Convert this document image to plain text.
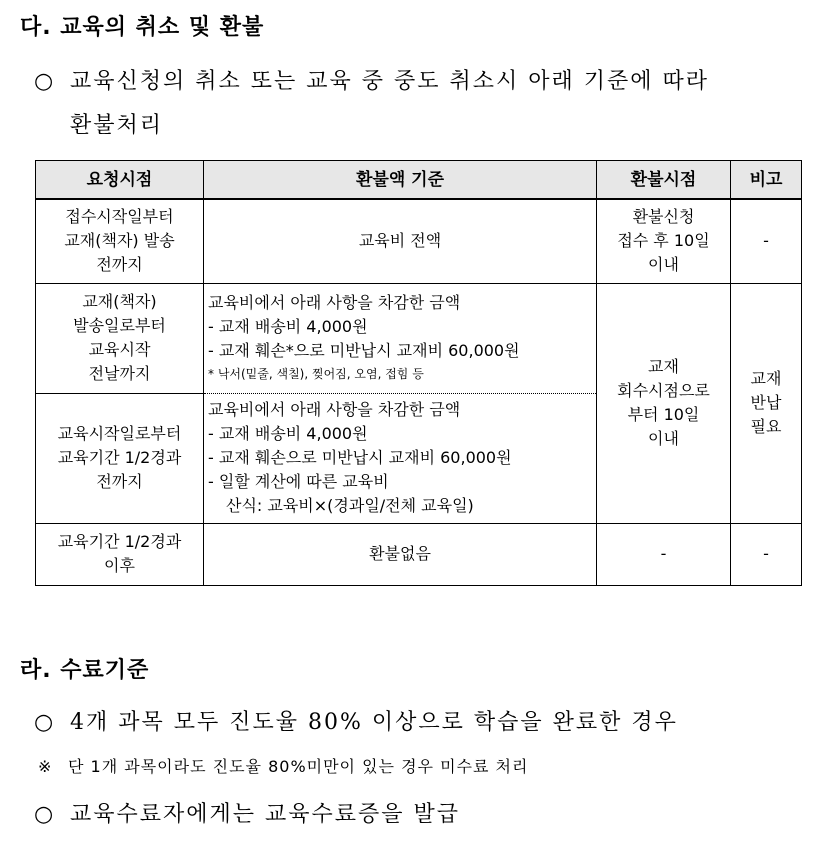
다. 교육의 취소 및 환불
○ 교육신청의 취소 또는 교육 중 중도 취소시 아래 기준에 따라
환불처리
요청시점	환불액 기준	환불시점	비고

접수시작일부터
교재(책자) 발송
전까지	교육비 전액	환불신청
접수 후 10일
이내	-

교재(책자)
발송일로부터
교육시작
전날까지	교육비에서 아래 사항을 차감한 금액
- 교재 배송비 4,000원
- 교재 훼손*으로 미반납시 교재비 60,000원
* 낙서(밑줄, 색칠), 찢어짐, 오염, 접힘 등	교재
회수시점으로
부터 10일
이내	교재
반납
필요

교육시작일로부터
교육기간 1/2경과
전까지	교육비에서 아래 사항을 차감한 금액
- 교재 배송비 4,000원
- 교재 훼손으로 미반납시 교재비 60,000원
- 일할 계산에 따른 교육비
산식: 교육비×(경과일/전체 교육일)		

교육기간 1/2경과
이후	환불없음	-	-
라. 수료기준
○ 4개 과목 모두 진도율 80% 이상으로 학습을 완료한 경우
※ 단 1개 과목이라도 진도율 80%미만이 있는 경우 미수료 처리
○ 교육수료자에게는 교육수료증을 발급
